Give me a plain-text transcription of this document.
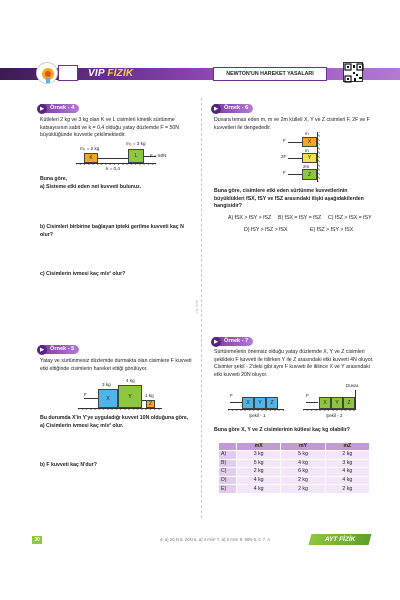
VIP FİZİK	NEWTON'UN HAREKET YASALARI
▶	Örnek - 4
Kütleleri 2 kg ve 3 kg olan K ve L cisimleri kinetik sürtünme katsayısının sabit ve k = 0,4 olduğu yatay düzlemde F = 50N büyüklüğünde kuvvetle çekilmektedir.
m₁ = 2 kg
m₂ = 3 kg
K	L	F = 50N
k = 0,4
Buna göre,
a) Sisteme etki eden net kuvveti bulunuz.
b) Cisimleri birbirine bağlayan ipteki gerilme kuvveti kaç N olur?
c) Cisimlerin ivmesi kaç m/s² olur?
vip fizik
▶	Örnek - 5
Yatay ve sürtünmesiz düzlemde durmakta olan cisimlere F kuvveti etki ettiğinde cisimlerin hareket ettiği görülüyor.
3 kg
4 kg
1 kg
F
X	Y
Z
Bu durumda X'in Y'ye uyguladığı kuvvet 10N olduğuna göre,
a) Cisimlerin ivmesi kaç m/s² olur.
b) F kuvveti kaç N'dur?
▶	Örnek - 6
Duvara temas eden m, m ve 2m kütleli X, Y ve Z cisimleri F, 2F ve F kuvvetleri ile dengededir.
m
X
m
Y
2m
Z
F
2F
F
Buna göre, cisimlere etki eden sürtünme kuvvetlerinin büyüklükleri fSX, fSY ve fSZ arasındaki ilişki aşağıdakilerden hangisidir?
A) fSX > fSY > fSZ B) fSX = fSY = fSZ C) fSZ > fSX = fSY
D) fSY > fSZ > fSX	E) fSZ > fSY > fSX
▶	Örnek - 7
Sürtünmelerin önemsiz olduğu yatay düzlemde X, Y ve Z cisimleri şekildeki F kuvveti ile itilirken Y ile Z arasındaki etki kuvveti 4N oluyor. Cisimler şekil - 2'deki gibi aynı F kuvveti ile itilince X ve Y arasındaki etki kuvveti 20N oluyor.
F
X	Y	Z
Şekil - 1
Duvar
F
X	Y	Z
Şekil - 2
Buna göre X, Y ve Z cisimlerinin kütlesi kaç kg olabilir?
	mX	mY	mZ
A)	3 kg	5 kg	2 kg
B)	5 kg	4 kg	3 kg
C)	2 kg	6 kg	4 kg
D)	4 kg	2 kg	4 kg
E)	4 kg	2 kg	2 kg
30	4. a) 20 N 5. 20N 6. a) 4 m/s² 7. a) 2 m/s² 8. 90N 6. C 7. A	AYT FİZİK
